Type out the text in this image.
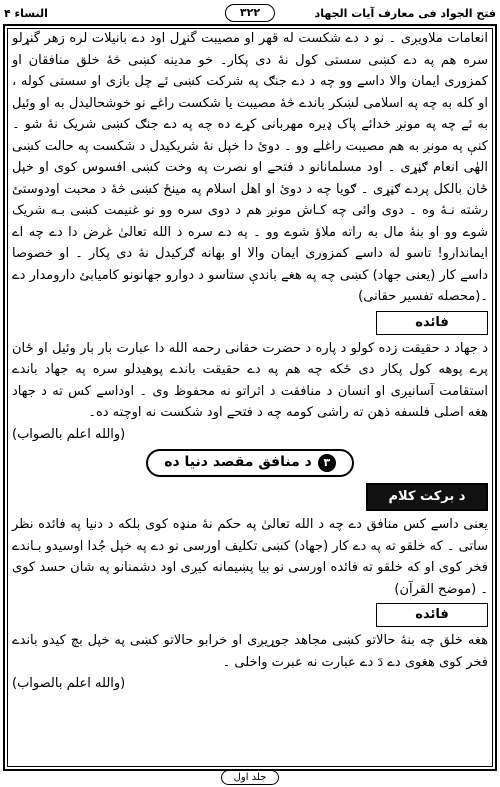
فتح الجواد فی معارف آیات الجهاد
۳۲۲
النساء ۴

انعامات ملاویږی ۔ نو د دے شکست له قهر او مصیبت گنړل اود دے بانیلات لره زهر گنړلو سره هم په دے کښی سستی کول نۀ دی پکار۔ خو مدینه کښی څۀ خلق منافقان او کمزوری ایمان والا داسے وو چه د دے جنګ په شرکت کښی ئے چل بازی او سستی کوله ، او کله به چه په اسلامی لښکر باندے څۀ مصیبت یا شکست راغے نو خوشحالیدل به او وئیل به ئے چه په مونږ خدائے پاک ډیره مهربانی کړے ده چه په دے جنګ کښی شریک نۀ شو ۔ کنې په مونږ به هم مصیبت راغلے وو ۔ دوئ دا خپل نۀ شریکیدل د شکست په حالت کښی الهٰی انعام ګڼړی ۔ اود مسلمانانو د فتحے او نصرت په وخت کښی افسوس کوی او خپل ځان بالکل پردے ګڼړی ۔ ګویا چه د دوئ او اهل اسلام په مینځ کښی څۀ د محبت اودوستئ رشته نـۀ وه ۔ دوی وائی چه کـاش مونږ هم د دوی سره وو نو غنیمت کښی بـه شریک شوے وو او بنۀ مال به راته ملاؤ شوے وو ۔ په دے سره د الله تعالیٰ غرض دا دے چه اے ایماندارو! تاسو له داسے کمزوری ایمان والا او بهانه ګرکیدل نۀ دی پکار ۔ او خصوصا داسے کار (یعنی جهاد) کښی چه په هغے باندې ستاسو د دوارو جهانونو کامیابئ دارومدار دے ۔(محصله تفسیر حقانی)

فائده

د جهاد د حقیقت زده کولو د پاره د حضرت حقانی رحمه الله دا عبارت بار بار وئیل او ځان پرے پوهه کول پکار دی ځکه چه هم په دے حقیقت باندے پوهیدلو سره په جهاد باندے استقامت آسانیږی او انسان د منافقت د اثراتو نه محفوظ وی ۔ اوداسے کس ته د جهاد هغه اصلی فلسفه ذهن ته راشی کومه چه د فتحے اود شکست نه اوچته ده۔

(والله اعلم بالصواب)

۳
د منافق مقصد دنیا ده
د برکت کلام

یعنی داسے کس منافق دے چه د الله تعالیٰ په حکم نۀ منډه کوی بلکه د دنیا په فائده نظر ساتی ۔ که خلقو ته په دے کار (جهاد) کښی تکلیف اورسی نو دے په خپل جُدا اوسیدو بـاندے فخر کوی او که خلقو ته فائده اورسی نو بیا پښیمانه کیږی اود دشمنانو په شان حسد کوی ۔ (موضح القرآن)

فائده

هغه خلق چه بنۀ حالاتو کښی مجاهد جوړیږی او خرابو حالاتو کښی په خپل بچ کیدو باندے فخر کوی هغوی دے دَ دے عبارت نه عبرت واخلی ۔

(والله اعلم بالصواب)

جلد اول
